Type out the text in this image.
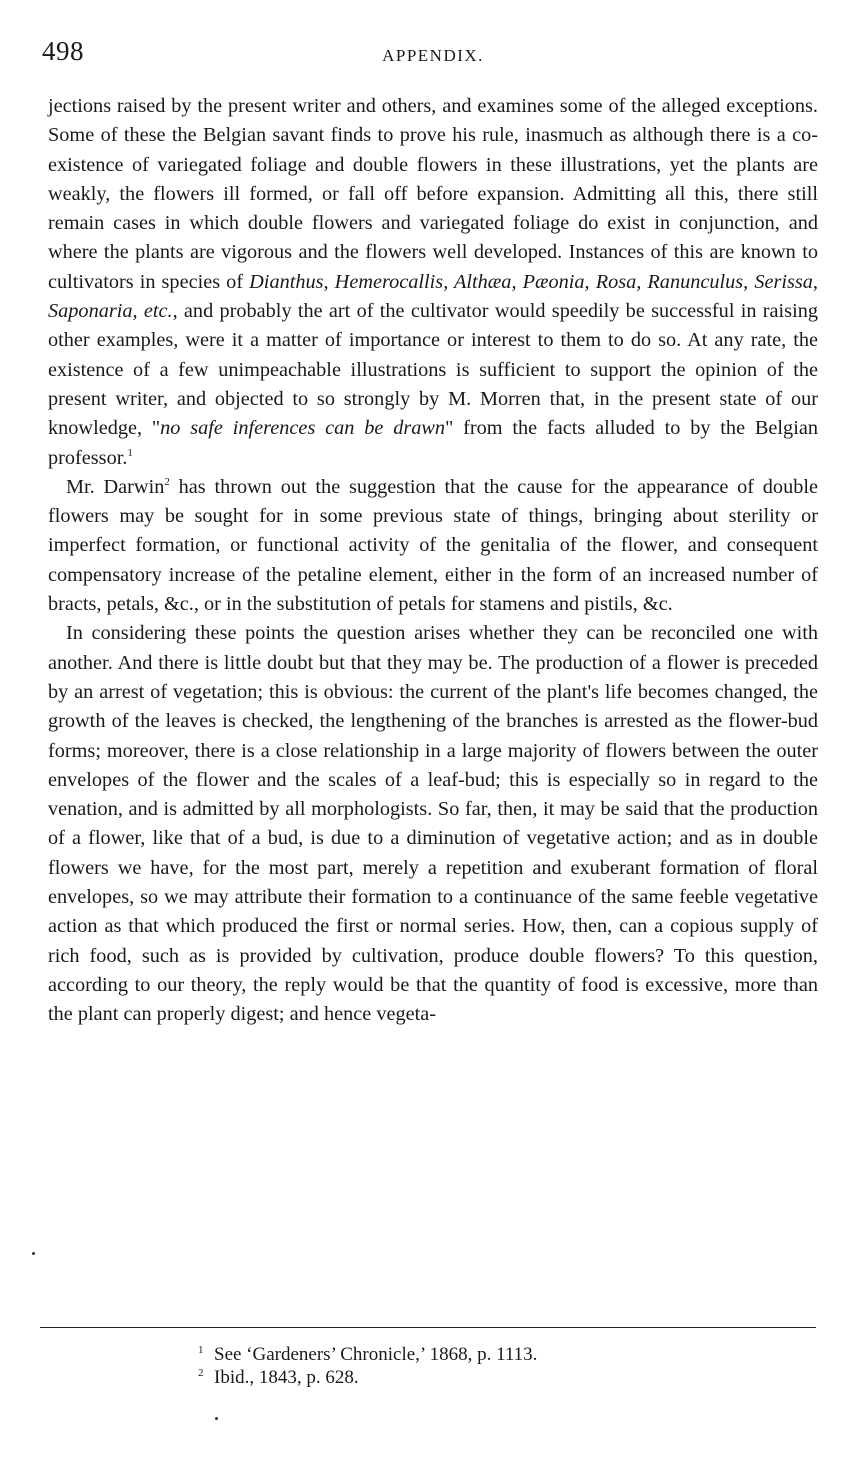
498	APPENDIX.

jections raised by the present writer and others, and examines some of the alleged exceptions. Some of these the Belgian savant finds to prove his rule, inasmuch as although there is a co-existence of variegated foliage and double flowers in these illustrations, yet the plants are weakly, the flowers ill formed, or fall off before expansion. Admitting all this, there still remain cases in which double flowers and variegated foliage do exist in conjunction, and where the plants are vigorous and the flowers well developed. Instances of this are known to cultivators in species of Dianthus, Hemerocallis, Althæa, Pæonia, Rosa, Ranunculus, Serissa, Saponaria, etc., and probably the art of the cultivator would speedily be successful in raising other examples, were it a matter of importance or interest to them to do so. At any rate, the existence of a few unimpeachable illustrations is sufficient to support the opinion of the present writer, and objected to so strongly by M. Morren that, in the present state of our knowledge, "no safe inferences can be drawn" from the facts alluded to by the Belgian professor.$^1$

Mr. Darwin$^2$ has thrown out the suggestion that the cause for the appearance of double flowers may be sought for in some previous state of things, bringing about sterility or imperfect formation, or functional activity of the genitalia of the flower, and consequent compensatory increase of the petaline element, either in the form of an increased number of bracts, petals, &c., or in the substitution of petals for stamens and pistils, &c.

In considering these points the question arises whether they can be reconciled one with another. And there is little doubt but that they may be. The production of a flower is preceded by an arrest of vegetation; this is obvious: the current of the plant's life becomes changed, the growth of the leaves is checked, the lengthening of the branches is arrested as the flower-bud forms; moreover, there is a close relationship in a large majority of flowers between the outer envelopes of the flower and the scales of a leaf-bud; this is especially so in regard to the venation, and is admitted by all morphologists. So far, then, it may be said that the production of a flower, like that of a bud, is due to a diminution of vegetative action; and as in double flowers we have, for the most part, merely a repetition and exuberant formation of floral envelopes, so we may attribute their formation to a continuance of the same feeble vegetative action as that which produced the first or normal series. How, then, can a copious supply of rich food, such as is provided by cultivation, produce double flowers? To this question, according to our theory, the reply would be that the quantity of food is excessive, more than the plant can properly digest; and hence vegeta-

1 See ‘Gardeners’ Chronicle,’ 1868, p. 1113.
2 Ibid., 1843, p. 628.
